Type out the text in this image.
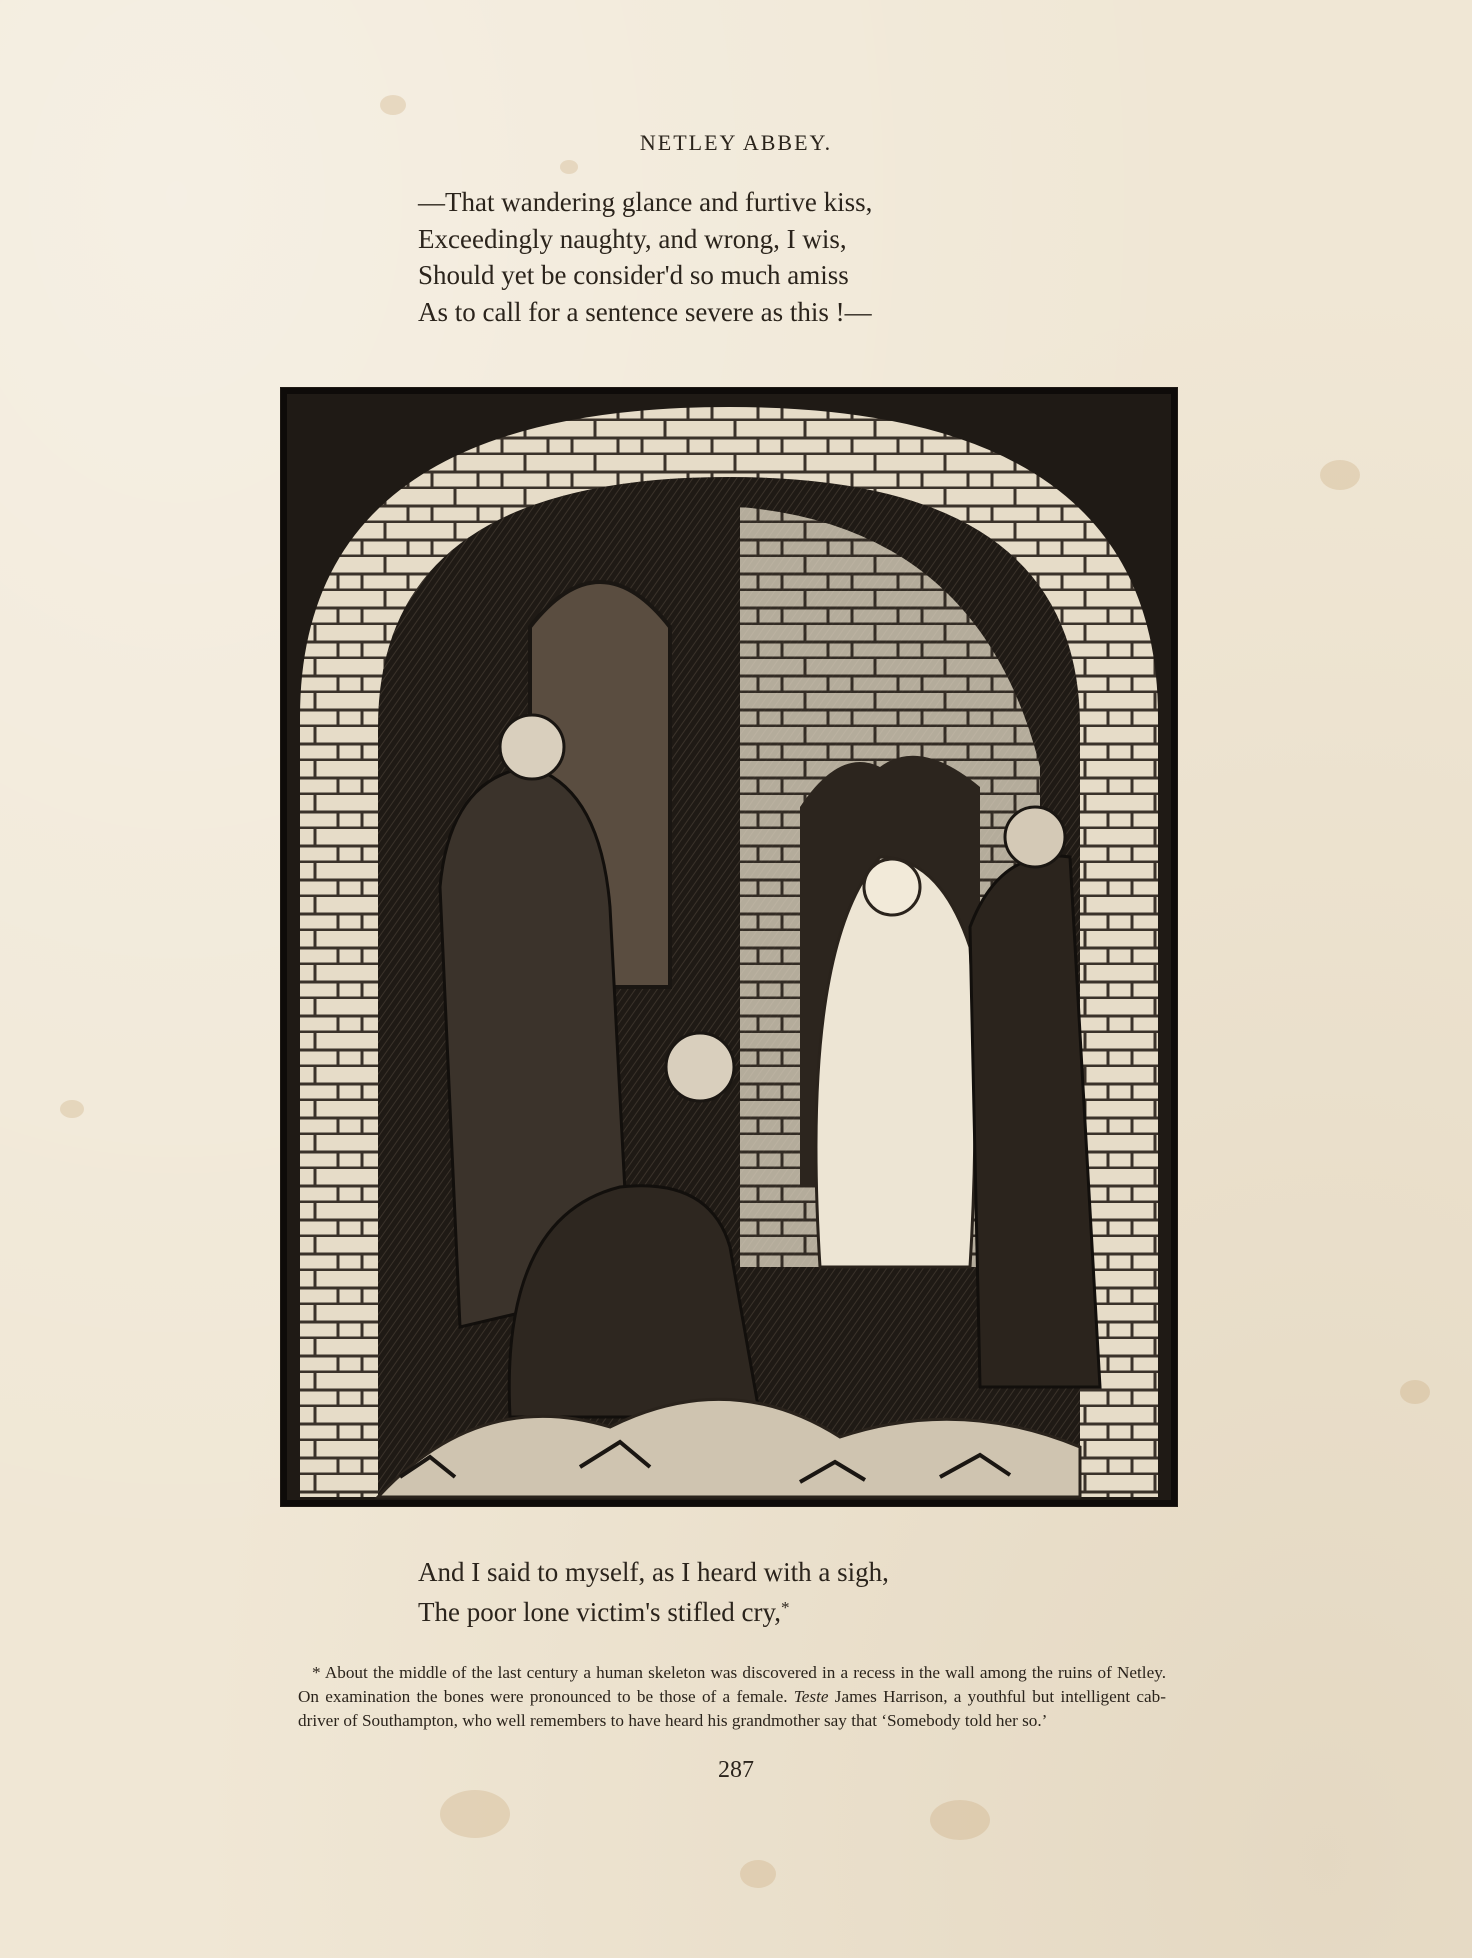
NETLEY ABBEY.
—That wandering glance and furtive kiss,
Exceedingly naughty, and wrong, I wis,
Should yet be consider'd so much amiss
As to call for a sentence severe as this !—
And I said to myself, as I heard with a sigh,
The poor lone victim's stifled cry,*

* About the middle of the last century a human skeleton was discovered in a recess in the wall among the ruins of Netley. On examination the bones were pronounced to be those of a female. Teste James Harrison, a youthful but intelligent cab-driver of Southampton, who well remembers to have heard his grandmother say that ‘Somebody told her so.’

287
